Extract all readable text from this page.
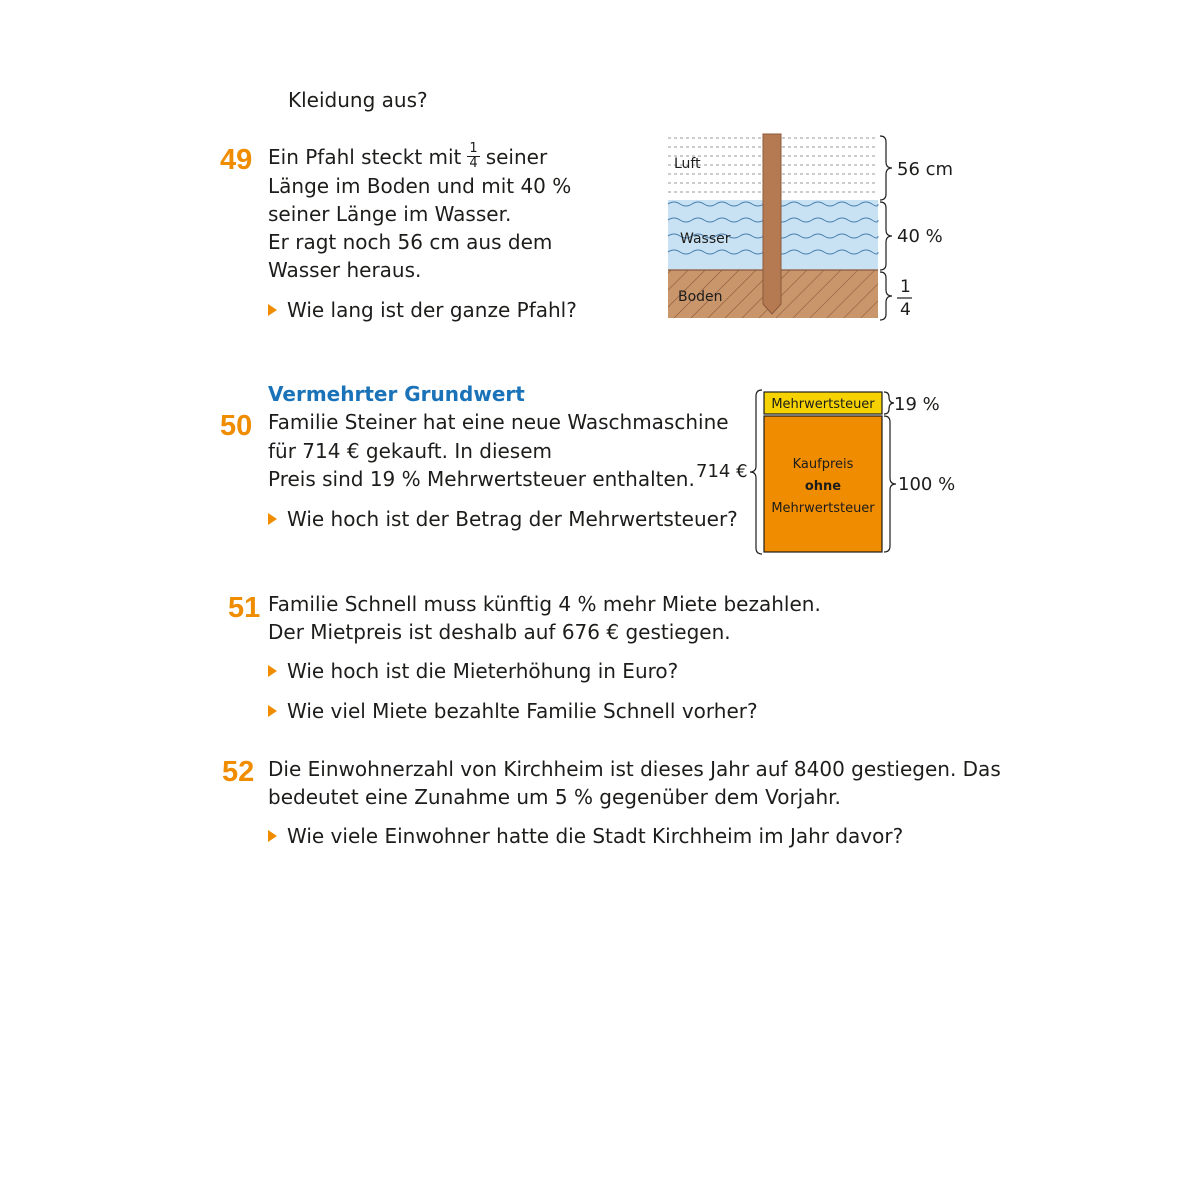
Kleidung aus?
49 Ein Pfahl steckt mit $\frac{1}{4}$ seiner
Länge im Boden und mit 40 %
seiner Länge im Wasser.
Er ragt noch 56 cm aus dem
Wasser heraus.
Wie lang ist der ganze Pfahl?
Luft
Wasser
Boden
56 cm
40 %
1
4
Vermehrter Grundwert
50 Familie Steiner hat eine neue Waschmaschine
für 714 € gekauft. In diesem
Preis sind 19 % Mehrwertsteuer enthalten.
Wie hoch ist der Betrag der Mehrwertsteuer?
Mehrwertsteuer
Kaufpreis
ohne
Mehrwertsteuer
714 €
19 %
100 %
51 Familie Schnell muss künftig 4 % mehr Miete bezahlen.
Der Mietpreis ist deshalb auf 676 € gestiegen.
Wie hoch ist die Mieterhöhung in Euro?
Wie viel Miete bezahlte Familie Schnell vorher?
52 Die Einwohnerzahl von Kirchheim ist dieses Jahr auf 8400 gestiegen. Das
bedeutet eine Zunahme um 5 % gegenüber dem Vorjahr.
Wie viele Einwohner hatte die Stadt Kirchheim im Jahr davor?
